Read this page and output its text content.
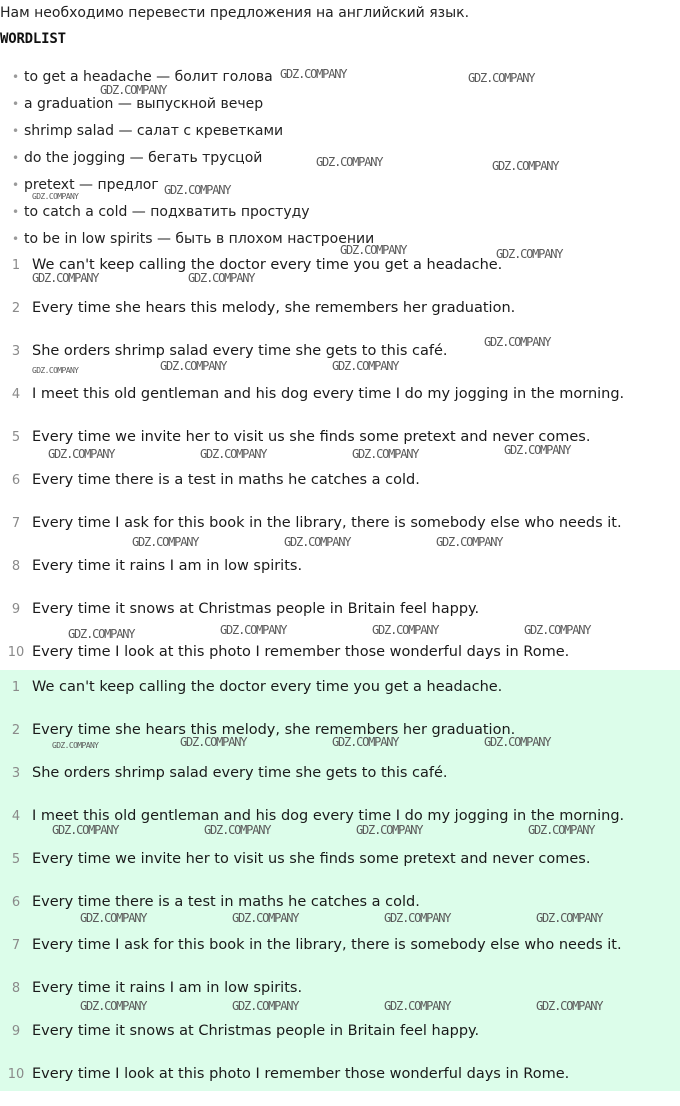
Нам необходимо перевести предложения на английский язык.
WORDLIST
• to get a headache — болит голова
• a graduation — выпускной вечер
• shrimp salad — салат с креветками
• do the jogging — бегать трусцой
• pretext — предлог
• to catch a cold — подхватить простуду
• to be in low spirits — быть в плохом настроении
1 We can't keep calling the doctor every time you get a headache.
2 Every time she hears this melody, she remembers her graduation.
3 She orders shrimp salad every time she gets to this café.
4 I meet this old gentleman and his dog every time I do my jogging in the morning.
5 Every time we invite her to visit us she finds some pretext and never comes.
6 Every time there is a test in maths he catches a cold.
7 Every time I ask for this book in the library, there is somebody else who needs it.
8 Every time it rains I am in low spirits.
9 Every time it snows at Christmas people in Britain feel happy.
10 Every time I look at this photo I remember those wonderful days in Rome.
1 We can't keep calling the doctor every time you get a headache.
2 Every time she hears this melody, she remembers her graduation.
3 She orders shrimp salad every time she gets to this café.
4 I meet this old gentleman and his dog every time I do my jogging in the morning.
5 Every time we invite her to visit us she finds some pretext and never comes.
6 Every time there is a test in maths he catches a cold.
7 Every time I ask for this book in the library, there is somebody else who needs it.
8 Every time it rains I am in low spirits.
9 Every time it snows at Christmas people in Britain feel happy.
10 Every time I look at this photo I remember those wonderful days in Rome.
GDZ.COMPANY	GDZ.COMPANY
GDZ.COMPANY
GDZ.COMPANY	GDZ.COMPANY
GDZ.COMPANY
GDZ.COMPANY
GDZ.COMPANY	GDZ.COMPANY
GDZ.COMPANY	GDZ.COMPANY
GDZ.COMPANY
GDZ.COMPANY	GDZ.COMPANY	GDZ.COMPANY
GDZ.COMPANY	GDZ.COMPANY	GDZ.COMPANY	GDZ.COMPANY
GDZ.COMPANY	GDZ.COMPANY	GDZ.COMPANY
GDZ.COMPANY	GDZ.COMPANY	GDZ.COMPANY	GDZ.COMPANY
GDZ.COMPANY	GDZ.COMPANY	GDZ.COMPANY	GDZ.COMPANY
GDZ.COMPANY	GDZ.COMPANY	GDZ.COMPANY	GDZ.COMPANY
GDZ.COMPANY	GDZ.COMPANY	GDZ.COMPANY	GDZ.COMPANY
GDZ.COMPANY	GDZ.COMPANY	GDZ.COMPANY	GDZ.COMPANY
